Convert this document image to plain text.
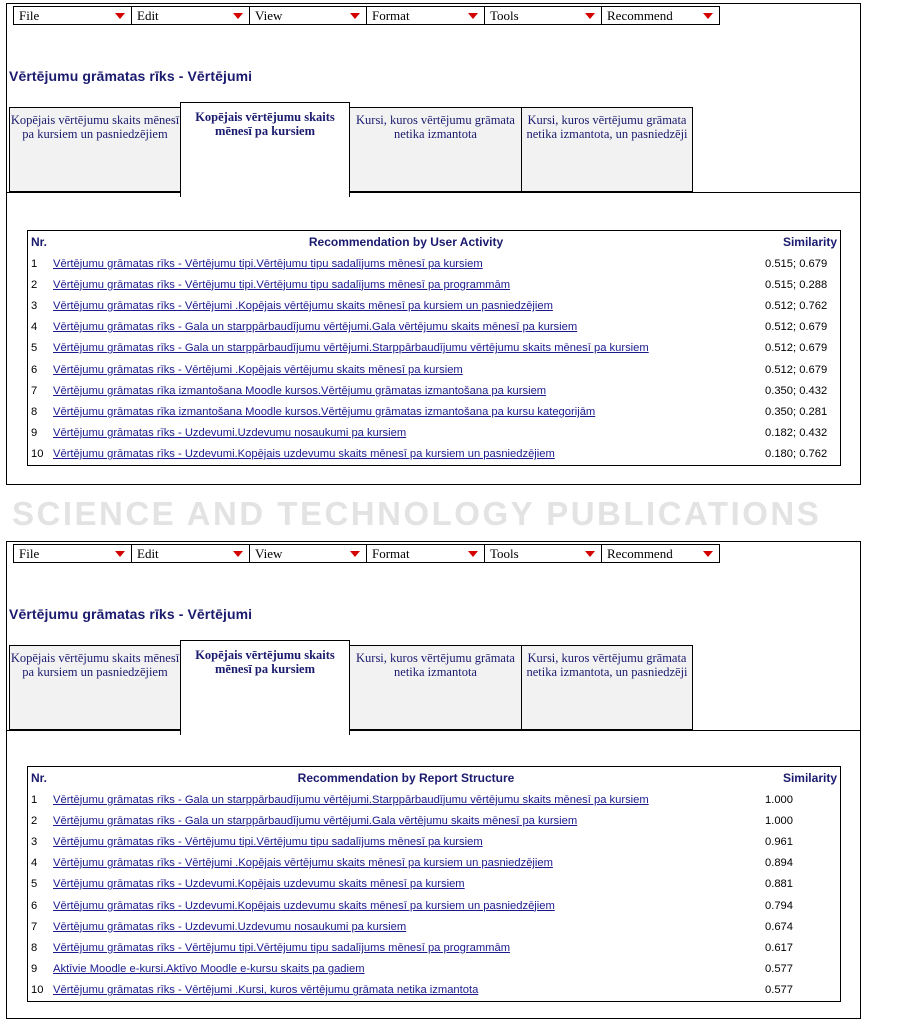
File	Edit	View	Format	Tools	Recommend
Vērtējumu grāmatas rīks - Vērtējumi
Kopējais vērtējumu skaits mēnesī pa kursiem un pasniedzējiem
Kopējais vērtējumu skaits mēnesī pa kursiem
Kursi, kuros vērtējumu grāmata netika izmantota
Kursi, kuros vērtējumu grāmata netika izmantota, un pasniedzēji
Nr.	Recommendation by User Activity	Similarity
1	Vērtējumu grāmatas rīks - Vērtējumu tipi.Vērtējumu tipu sadalījums mēnesī pa kursiem	0.515; 0.679
2	Vērtējumu grāmatas rīks - Vērtējumu tipi.Vērtējumu tipu sadalījums mēnesī pa programmām	0.515; 0.288
3	Vērtējumu grāmatas rīks - Vērtējumi .Kopējais vērtējumu skaits mēnesī pa kursiem un pasniedzējiem	0.512; 0.762
4	Vērtējumu grāmatas rīks - Gala un starppārbaudījumu vērtējumi.Gala vērtējumu skaits mēnesī pa kursiem	0.512; 0.679
5	Vērtējumu grāmatas rīks - Gala un starppārbaudījumu vērtējumi.Starppārbaudījumu vērtējumu skaits mēnesī pa kursiem	0.512; 0.679
6	Vērtējumu grāmatas rīks - Vērtējumi .Kopējais vērtējumu skaits mēnesī pa kursiem	0.512; 0.679
7	Vērtējumu grāmatas rīka izmantošana Moodle kursos.Vērtējumu grāmatas izmantošana pa kursiem	0.350; 0.432
8	Vērtējumu grāmatas rīka izmantošana Moodle kursos.Vērtējumu grāmatas izmantošana pa kursu kategorijām	0.350; 0.281
9	Vērtējumu grāmatas rīks - Uzdevumi.Uzdevumu nosaukumi pa kursiem	0.182; 0.432
10	Vērtējumu grāmatas rīks - Uzdevumi.Kopējais uzdevumu skaits mēnesī pa kursiem un pasniedzējiem	0.180; 0.762
SCIENCE AND TECHNOLOGY PUBLICATIONS
File	Edit	View	Format	Tools	Recommend
Vērtējumu grāmatas rīks - Vērtējumi
Kopējais vērtējumu skaits mēnesī pa kursiem un pasniedzējiem
Kopējais vērtējumu skaits mēnesī pa kursiem
Kursi, kuros vērtējumu grāmata netika izmantota
Kursi, kuros vērtējumu grāmata netika izmantota, un pasniedzēji
Nr.	Recommendation by Report Structure	Similarity
1	Vērtējumu grāmatas rīks - Gala un starppārbaudījumu vērtējumi.Starppārbaudījumu vērtējumu skaits mēnesī pa kursiem	1.000
2	Vērtējumu grāmatas rīks - Gala un starppārbaudījumu vērtējumi.Gala vērtējumu skaits mēnesī pa kursiem	1.000
3	Vērtējumu grāmatas rīks - Vērtējumu tipi.Vērtējumu tipu sadalījums mēnesī pa kursiem	0.961
4	Vērtējumu grāmatas rīks - Vērtējumi .Kopējais vērtējumu skaits mēnesī pa kursiem un pasniedzējiem	0.894
5	Vērtējumu grāmatas rīks - Uzdevumi.Kopējais uzdevumu skaits mēnesī pa kursiem	0.881
6	Vērtējumu grāmatas rīks - Uzdevumi.Kopējais uzdevumu skaits mēnesī pa kursiem un pasniedzējiem	0.794
7	Vērtējumu grāmatas rīks - Uzdevumi.Uzdevumu nosaukumi pa kursiem	0.674
8	Vērtējumu grāmatas rīks - Vērtējumu tipi.Vērtējumu tipu sadalījums mēnesī pa programmām	0.617
9	Aktīvie Moodle e-kursi.Aktīvo Moodle e-kursu skaits pa gadiem	0.577
10	Vērtējumu grāmatas rīks - Vērtējumi .Kursi, kuros vērtējumu grāmata netika izmantota	0.577
